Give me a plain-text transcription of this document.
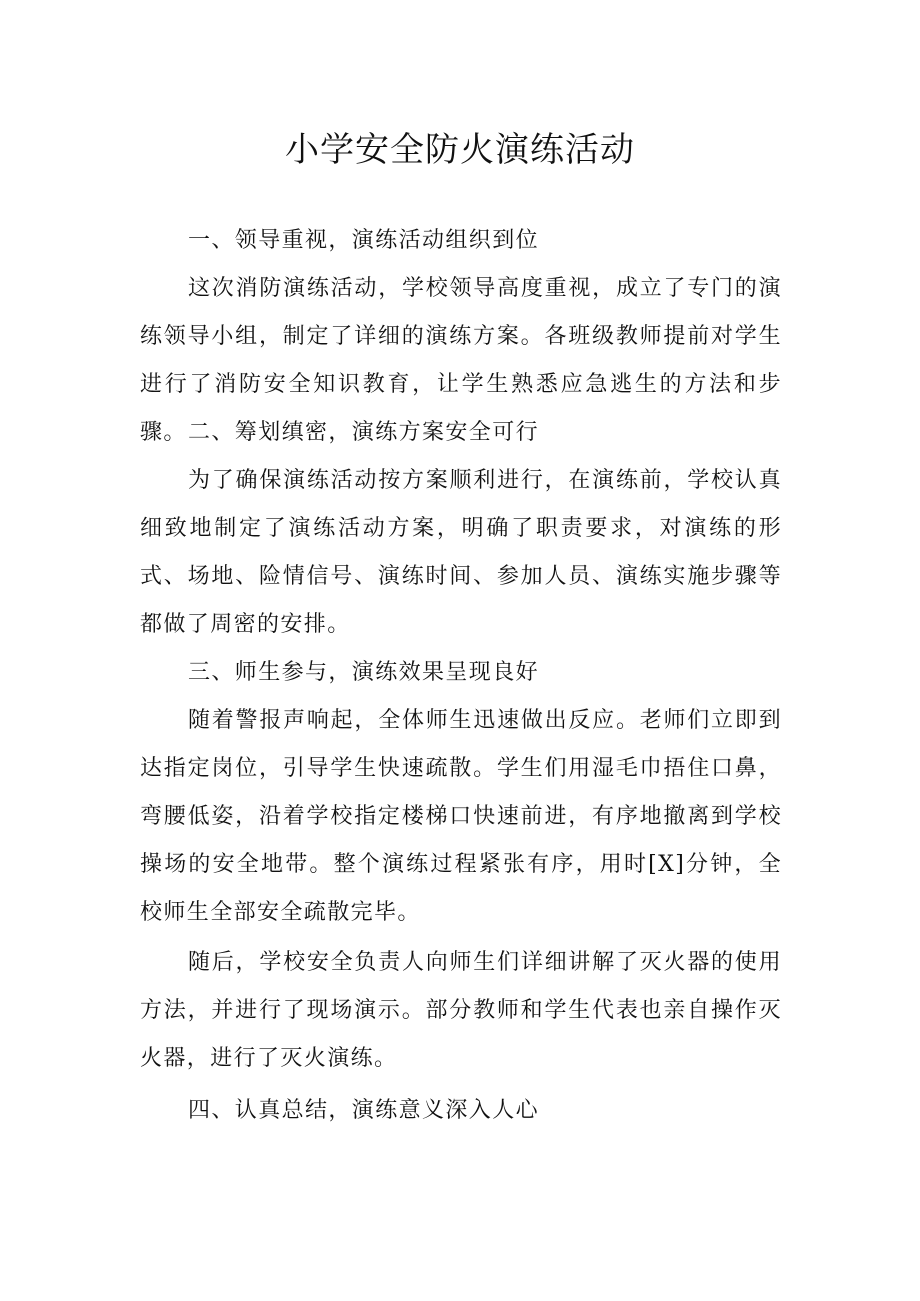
小学安全防火演练活动

一、领导重视，演练活动组织到位

这次消防演练活动，学校领导高度重视，成立了专门的演练领导小组，制定了详细的演练方案。各班级教师提前对学生进行了消防安全知识教育，让学生熟悉应急逃生的方法和步骤。 二、筹划缜密，演练方案安全可行

为了确保演练活动按方案顺利进行，在演练前，学校认真细致地制定了演练活动方案，明确了职责要求，对演练的形式、场地、险情信号、演练时间、参加人员、演练实施步骤等都做了周密的安排。

三、师生参与，演练效果呈现良好

随着警报声响起，全体师生迅速做出反应。老师们立即到达指定岗位，引导学生快速疏散。学生们用湿毛巾捂住口鼻，弯腰低姿，沿着学校指定楼梯口快速前进，有序地撤离到学校操场的安全地带。整个演练过程紧张有序，用时[X]分钟，全校师生全部安全疏散完毕。

随后，学校安全负责人向师生们详细讲解了灭火器的使用方法，并进行了现场演示。部分教师和学生代表也亲自操作灭火器，进行了灭火演练。

四、认真总结，演练意义深入人心
